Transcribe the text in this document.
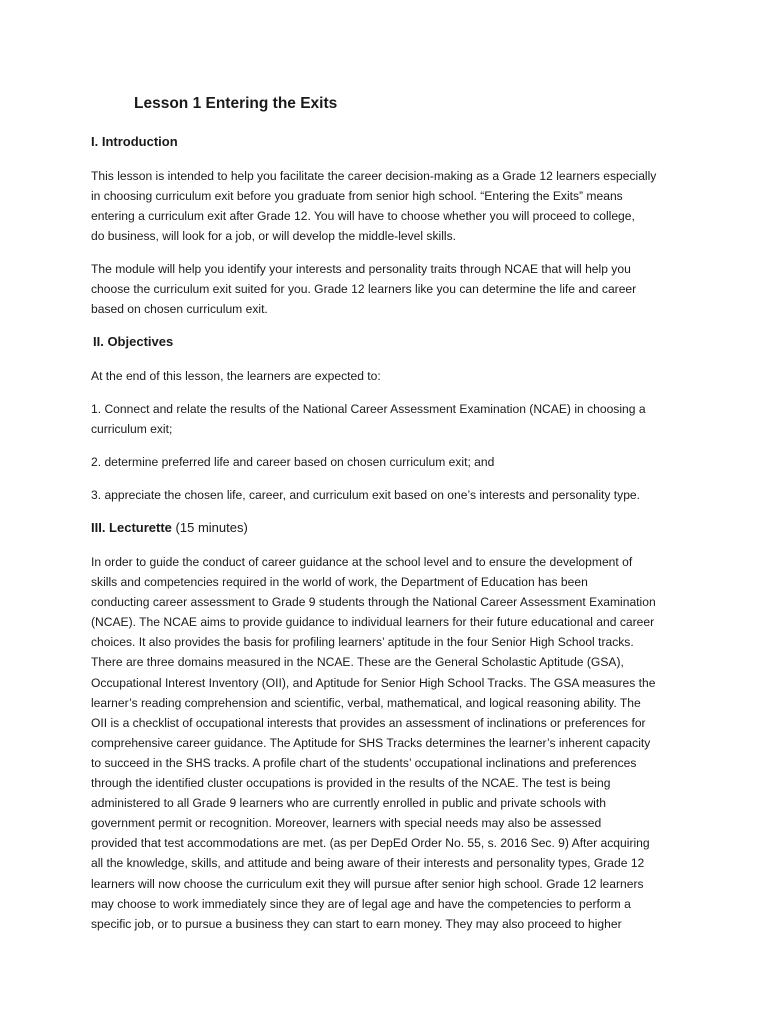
Lesson 1 Entering the Exits
I. Introduction

This lesson is intended to help you facilitate the career decision-making as a Grade 12 learners especially
in choosing curriculum exit before you graduate from senior high school. “Entering the Exits” means
entering a curriculum exit after Grade 12. You will have to choose whether you will proceed to college,
do business, will look for a job, or will develop the middle-level skills.

The module will help you identify your interests and personality traits through NCAE that will help you
choose the curriculum exit suited for you. Grade 12 learners like you can determine the life and career
based on chosen curriculum exit.

II. Objectives

At the end of this lesson, the learners are expected to:

1. Connect and relate the results of the National Career Assessment Examination (NCAE) in choosing a
curriculum exit;

2. determine preferred life and career based on chosen curriculum exit; and

3. appreciate the chosen life, career, and curriculum exit based on one’s interests and personality type.

III. Lecturette (15 minutes)

In order to guide the conduct of career guidance at the school level and to ensure the development of
skills and competencies required in the world of work, the Department of Education has been
conducting career assessment to Grade 9 students through the National Career Assessment Examination
(NCAE). The NCAE aims to provide guidance to individual learners for their future educational and career
choices. It also provides the basis for profiling learners’ aptitude in the four Senior High School tracks.
There are three domains measured in the NCAE. These are the General Scholastic Aptitude (GSA),
Occupational Interest Inventory (OII), and Aptitude for Senior High School Tracks. The GSA measures the
learner’s reading comprehension and scientific, verbal, mathematical, and logical reasoning ability. The
OII is a checklist of occupational interests that provides an assessment of inclinations or preferences for
comprehensive career guidance. The Aptitude for SHS Tracks determines the learner’s inherent capacity
to succeed in the SHS tracks. A profile chart of the students’ occupational inclinations and preferences
through the identified cluster occupations is provided in the results of the NCAE. The test is being
administered to all Grade 9 learners who are currently enrolled in public and private schools with
government permit or recognition. Moreover, learners with special needs may also be assessed
provided that test accommodations are met. (as per DepEd Order No. 55, s. 2016 Sec. 9) After acquiring
all the knowledge, skills, and attitude and being aware of their interests and personality types, Grade 12
learners will now choose the curriculum exit they will pursue after senior high school. Grade 12 learners
may choose to work immediately since they are of legal age and have the competencies to perform a
specific job, or to pursue a business they can start to earn money. They may also proceed to higher
